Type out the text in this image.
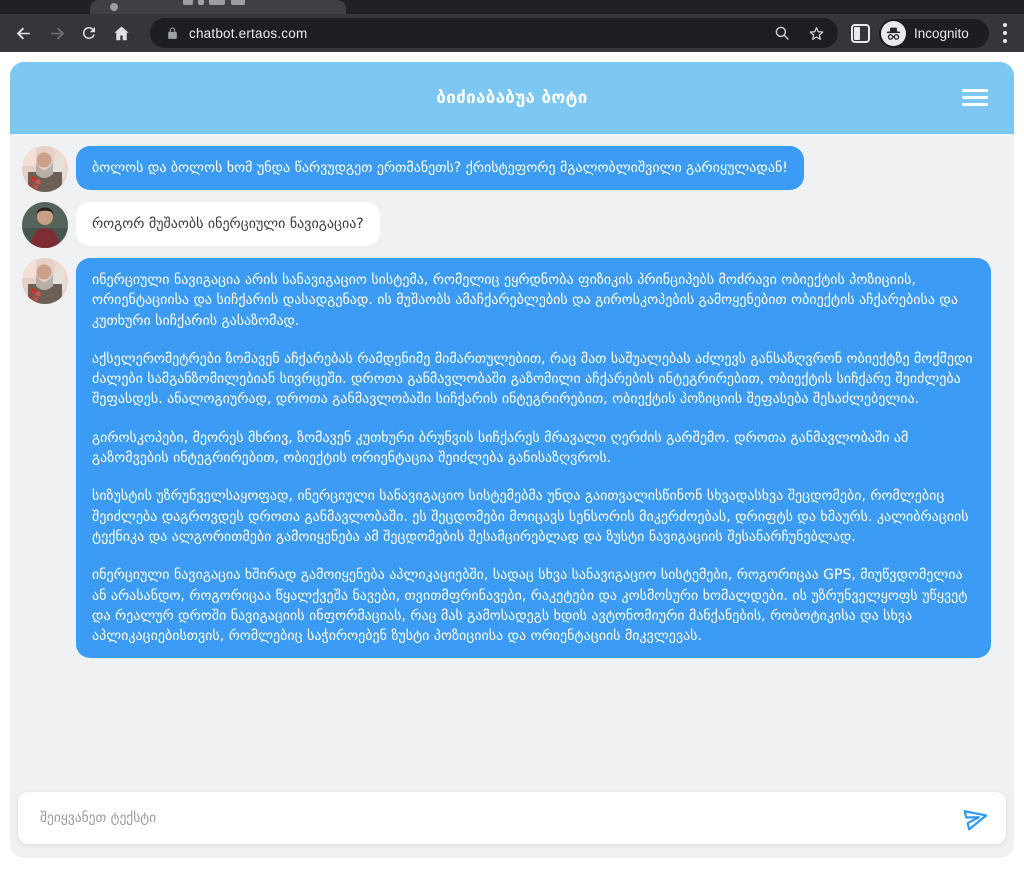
chatbot.ertaos.com	Incognito
ბიძიაბაბუა ბოტი
ბოლოს და ბოლოს ხომ უნდა წარვუდგეთ ერთმანეთს? ქრისტეფორე მგალობლიშვილი გარიყულადან!
როგორ მუშაობს ინერციული ნავიგაცია?

ინერციული ნავიგაცია არის სანავიგაციო სისტემა, რომელიც ეყრდნობა ფიზიკის პრინციპებს მოძრავი ობიექტის პოზიციის, ორიენტაციისა და სიჩქარის დასადგენად. ის მუშაობს ამაჩქარებლების და გიროსკოპების გამოყენებით ობიექტის აჩქარებისა და კუთხური სიჩქარის გასაზომად.

აქსელერომეტრები ზომავენ აჩქარებას რამდენიმე მიმართულებით, რაც მათ საშუალებას აძლევს განსაზღვრონ ობიექტზე მოქმედი ძალები სამგანზომილებიან სივრცეში. დროთა განმავლობაში გაზომილი აჩქარების ინტეგრირებით, ობიექტის სიჩქარე შეიძლება შეფასდეს. ანალოგიურად, დროთა განმავლობაში სიჩქარის ინტეგრირებით, ობიექტის პოზიციის შეფასება შესაძლებელია.

გიროსკოპები, მეორეს მხრივ, ზომავენ კუთხური ბრუნვის სიჩქარეს მრავალი ღერძის გარშემო. დროთა განმავლობაში ამ გაზომვების ინტეგრირებით, ობიექტის ორიენტაცია შეიძლება განისაზღვროს.

სიზუსტის უზრუნველსაყოფად, ინერციული სანავიგაციო სისტემებმა უნდა გაითვალისწინონ სხვადასხვა შეცდომები, რომლებიც შეიძლება დაგროვდეს დროთა განმავლობაში. ეს შეცდომები მოიცავს სენსორის მიკერძოებას, დრიფტს და ხმაურს. კალიბრაციის ტექნიკა და ალგორითმები გამოიყენება ამ შეცდომების შესამცირებლად და ზუსტი ნავიგაციის შესანარჩუნებლად.

ინერციული ნავიგაცია ხშირად გამოიყენება აპლიკაციებში, სადაც სხვა სანავიგაციო სისტემები, როგორიცაა GPS, მიუწვდომელია ან არასანდო, როგორიცაა წყალქვეშა ნავები, თვითმფრინავები, რაკეტები და კოსმოსური ხომალდები. ის უზრუნველყოფს უწყვეტ და რეალურ დროში ნავიგაციის ინფორმაციას, რაც მას გამოსადეგს ხდის ავტონომიური მანქანების, რობოტიკისა და სხვა აპლიკაციებისთვის, რომლებიც საჭიროებენ ზუსტი პოზიციისა და ორიენტაციის მიკვლევას.

შეიყვანეთ ტექსტი
